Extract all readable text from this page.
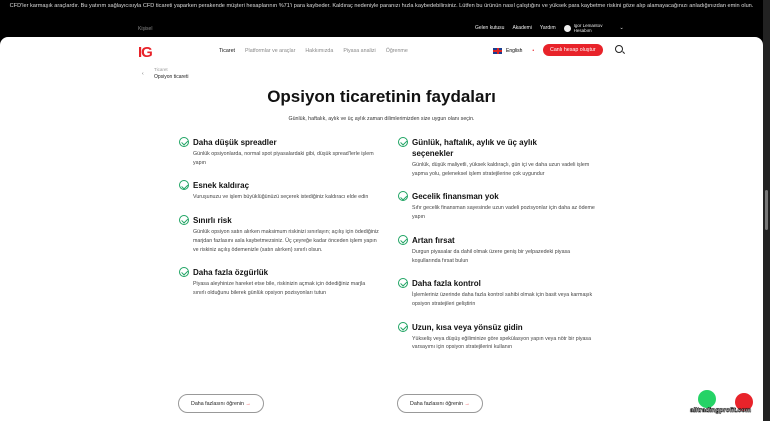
CFD'ler karmaşık araçlardır. Bu yatırım sağlayıcısıyla CFD ticareti yaparken perakende müşteri hesaplarının %71'i para kaybeder. Kaldıraç nedeniyle paranızı hızla kaybedebilirsiniz. Lütfen bu ürünün nasıl çalıştığını ve yüksek para kaybetme riskini göze alıp alamayacağınızı anladığınızdan emin olun.
Kişisel	Gelen kutusu Akademi Yardım	Igor Lemantov
Hesabım	⌄
IG	Ticaret Platformlar ve araçlar Hakkımızda Piyasa analizi Öğrenme	English •	Canlı hesap oluştur
‹
Ticaret
Opsiyon ticareti
Opsiyon ticaretinin faydaları
Günlük, haftalık, aylık ve üç aylık zaman dilimlerimizden size uygun olanı seçin.
Daha düşük spreadler

Günlük opsiyonlarda, normal spot piyasalardaki gibi, düşük spread'lerle işlem yapın

Esnek kaldıraç

Vuruşunuzu ve işlem büyüklüğünüzü seçerek istediğiniz kaldıracı elde edin

Sınırlı risk

Günlük opsiyon satın alırken maksimum riskinizi sınırlayın; açılış için ödediğiniz marjdan fazlasını asla kaybetmezsiniz. Üç çeyreğe kadar önceden işlem yapın ve riskiniz açılış ödemenizle (satın alırken) sınırlı olsun.

Daha fazla özgürlük

Piyasa aleyhinize hareket etse bile, riskinizin açmak için ödediğiniz marjla sınırlı olduğunu bilerek günlük opsiyon pozisyonları tutun

Günlük, haftalık, aylık ve üç aylık seçenekler

Günlük, düşük maliyetli, yüksek kaldıraçlı, gün içi ve daha uzun vadeli işlem yapma yolu, geleneksel işlem stratejilerine çok uygundur

Gecelik finansman yok

Sıfır gecelik finansman sayesinde uzun vadeli pozisyonlar için daha az ödeme yapın

Artan fırsat

Durgun piyasalar da dahil olmak üzere geniş bir yelpazedeki piyasa koşullarında fırsat bulun

Daha fazla kontrol

İşlemleriniz üzerinde daha fazla kontrol sahibi olmak için basit veya karmaşık opsiyon stratejileri geliştirin

Uzun, kısa veya yönsüz gidin

Yükseliş veya düşüş eğiliminize göre spekülasyon yapın veya nötr bir piyasa varsayımı için opsiyon stratejilerini kullanın

Daha fazlasını öğrenin →	Daha fazlasını öğrenin →
alltradingprofit.com
